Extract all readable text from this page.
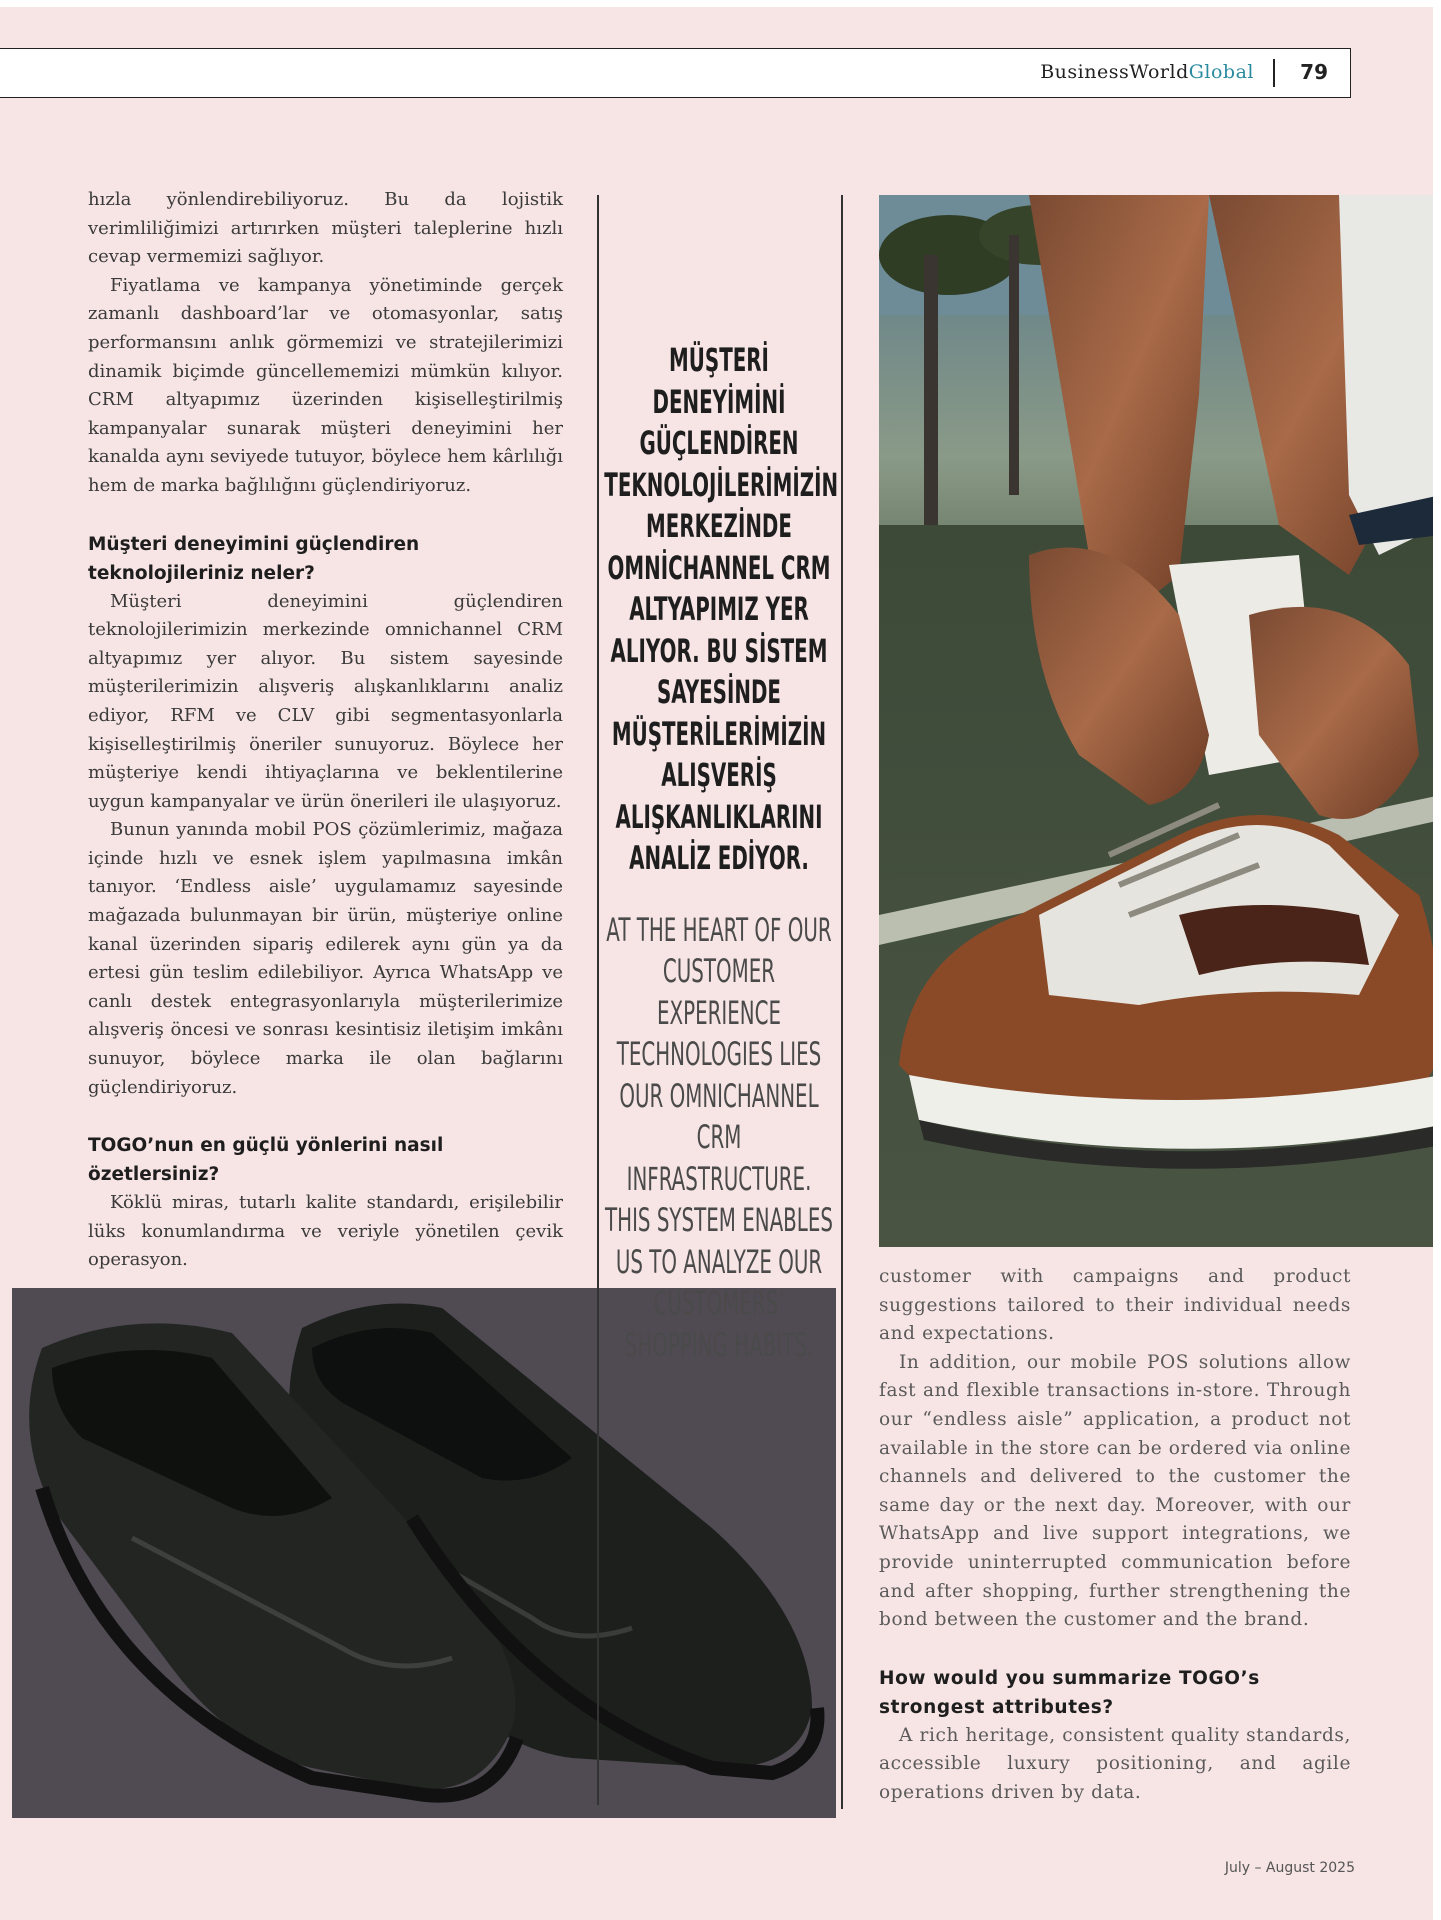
BusinessWorldGlobal 79

hızla yönlendirebiliyoruz. Bu da lojistik verimliliğimizi artırırken müşteri taleplerine hızlı cevap vermemizi sağlıyor.

Fiyatlama ve kampanya yönetiminde gerçek zamanlı dashboard’lar ve otomasyonlar, satış performansını anlık görmemizi ve stratejilerimizi dinamik biçimde güncellememizi mümkün kılıyor. CRM altyapımız üzerinden kişiselleştirilmiş kampanyalar sunarak müşteri deneyimini her kanalda aynı seviyede tutuyor, böylece hem kârlılığı hem de marka bağlılığını güçlendiriyoruz.

Müşteri deneyimini güçlendiren teknolojileriniz neler?

Müşteri deneyimini güçlendiren teknolojilerimizin merkezinde omnichannel CRM altyapımız yer alıyor. Bu sistem sayesinde müşterilerimizin alışveriş alışkanlıklarını analiz ediyor, RFM ve CLV gibi segmentasyonlarla kişiselleştirilmiş öneriler sunuyoruz. Böylece her müşteriye kendi ihtiyaçlarına ve beklentilerine uygun kampanyalar ve ürün önerileri ile ulaşıyoruz.

Bunun yanında mobil POS çözümlerimiz, mağaza içinde hızlı ve esnek işlem yapılmasına imkân tanıyor. ‘Endless aisle’ uygulamamız sayesinde mağazada bulunmayan bir ürün, müşteriye online kanal üzerinden sipariş edilerek aynı gün ya da ertesi gün teslim edilebiliyor. Ayrıca WhatsApp ve canlı destek entegrasyonlarıyla müşterilerimize alışveriş öncesi ve sonrası kesintisiz iletişim imkânı sunuyor, böylece marka ile olan bağlarını güçlendiriyoruz.

TOGO’nun en güçlü yönlerini nasıl özetlersiniz?

Köklü miras, tutarlı kalite standardı, erişilebilir lüks konumlandırma ve veriyle yönetilen çevik operasyon.

MÜŞTERİ DENEYİMİNİ GÜÇLENDİREN TEKNOLOJİLERİMİZİN MERKEZİNDE OMNİCHANNEL CRM ALTYAPIMIZ YER ALIYOR. BU SİSTEM SAYESİNDE MÜŞTERİLERİMİZİN ALIŞVERİŞ ALIŞKANLIKLARINI ANALİZ EDİYOR.
AT THE HEART OF OUR CUSTOMER EXPERIENCE TECHNOLOGIES LIES OUR OMNICHANNEL CRM INFRASTRUCTURE. THIS SYSTEM ENABLES US TO ANALYZE OUR CUSTOMERS’ SHOPPING HABITS.

customer with campaigns and product suggestions tailored to their individual needs and expectations.

In addition, our mobile POS solutions allow fast and flexible transactions in-store. Through our “endless aisle” application, a product not available in the store can be ordered via online channels and delivered to the customer the same day or the next day. Moreover, with our WhatsApp and live support integrations, we provide uninterrupted communication before and after shopping, further strengthening the bond between the customer and the brand.

How would you summarize TOGO’s strongest attributes?

A rich heritage, consistent quality standards, accessible luxury positioning, and agile operations driven by data.

July – August 2025
